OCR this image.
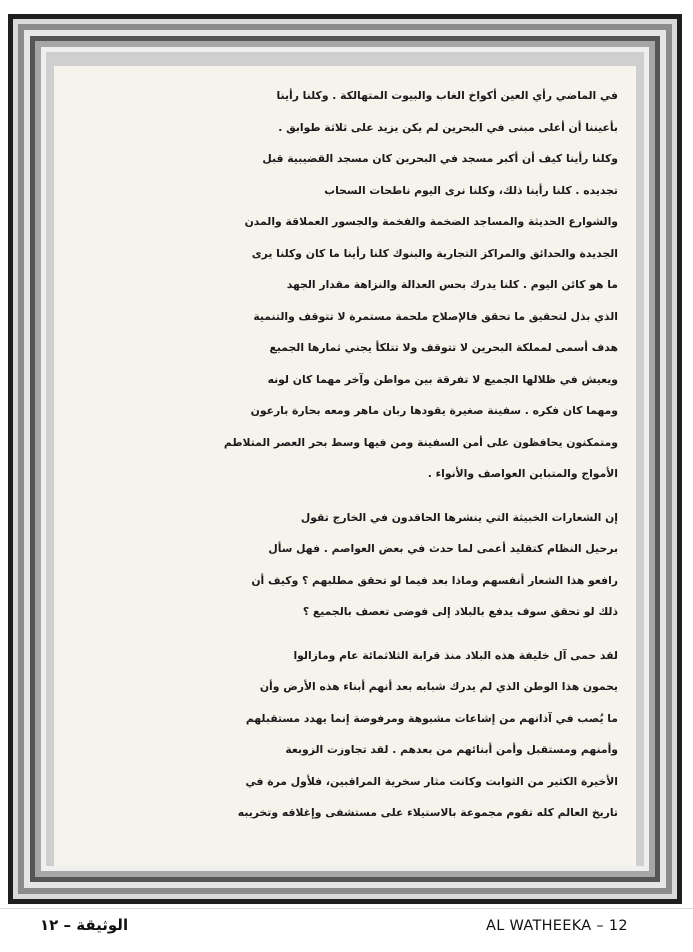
في الماضي رأي العين أكواخ الغاب والبيوت المتهالكة . وكلنا رأينا
بأعيننا أن أعلى مبنى في البحرين لم يكن يزيد على ثلاثة طوابق .
وكلنا رأينا كيف أن أكبر مسجد في البحرين كان مسجد القضيبية قبل
تجديده . كلنا رأينا ذلك، وكلنا نرى اليوم ناطحات السحاب
والشوارع الحديثة والمساجد الضخمة والفخمة والجسور العملاقة والمدن
الجديدة والحدائق والمراكز التجارية والبنوك كلنا رأينا ما كان وكلنا يرى
ما هو كائن اليوم . كلنا يدرك بحس العدالة والنزاهة مقدار الجهد
الذي بذل لتحقيق ما تحقق فالإصلاح ملحمة مستمرة لا تتوقف والتنمية
هدف أسمى لمملكة البحرين لا تتوقف ولا تتلكأ يجني ثمارها الجميع
ويعيش في ظلالها الجميع لا تفرقة بين مواطن وآخر مهما كان لونه
ومهما كان فكره . سفينة صغيرة يقودها ربان ماهر ومعه بحارة بارعون
ومتمكنون يحافظون على أمن السفينة ومن فيها وسط بحر العصر المتلاطم
الأمواج والمتباين العواصف والأنواء .

إن الشعارات الخبيثة التي ينشرها الحاقدون في الخارج تقول
برحيل النظام كتقليد أعمى لما حدث في بعض العواصم . فهل سأل
رافعو هذا الشعار أنفسهم وماذا بعد فيما لو تحقق مطلبهم ؟ وكيف أن
ذلك لو تحقق سوف يدفع بالبلاد إلى فوضى تعصف بالجميع ؟

لقد حمى آل خليفة هذه البلاد منذ قرابة الثلاثمائة عام ومازالوا
يحمون هذا الوطن الذي لم يدرك شبابه بعد أنهم أبناء هذه الأرض وأن
ما يُصب في آذانهم من إشاعات مشبوهة ومرفوضة إنما يهدد مستقبلهم
وأمنهم ومستقبل وأمن أبنائهم من بعدهم . لقد تجاوزت الزوبعة
الأخيرة الكثير من الثوابت وكانت مثار سخرية المراقبين، فلأول مرة في
تاريخ العالم كله تقوم مجموعة بالاستيلاء على مستشفى وإغلاقه وتخريبه

AL WATHEEKA – 12
الوثيقة – ١٢
